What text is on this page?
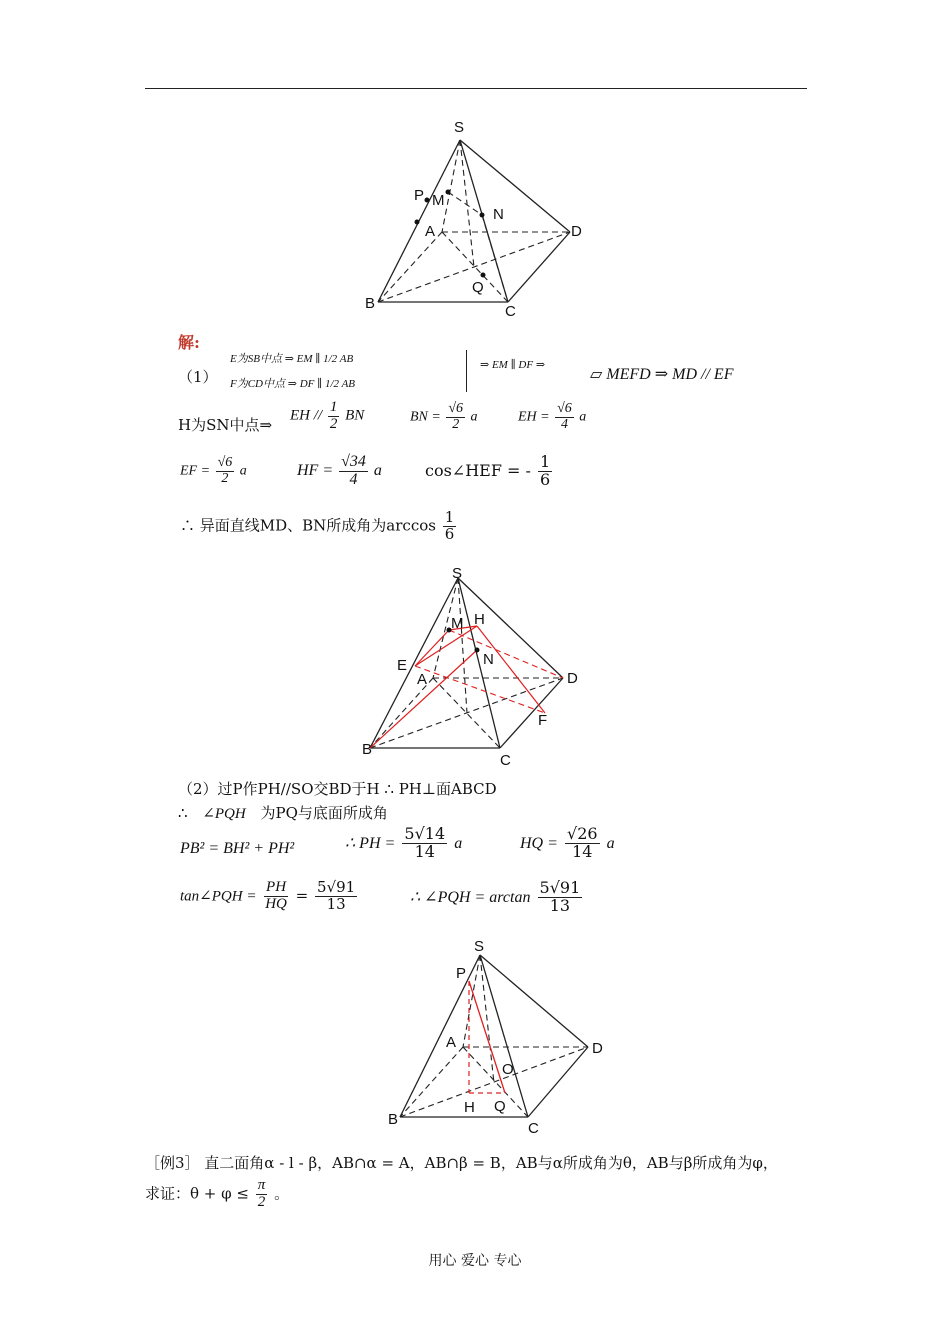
S
P M
N
A	D
Q
B	C
解:
（1）
E为SB中点 ⇒ EM ∥ 1/2 AB
F为CD中点 ⇒ DF ∥ 1/2 AB
⇒ EM ∥ DF ⇒
▱ MEFD ⇒ MD // EF
H为SN中点⇒
EH // $\frac{1}{2}$ BN	BN = $\frac{√6}{2}$ a	EH = $\frac{√6}{4}$ a
EF = $\frac{√6}{2}$ a	HF = $\frac{√34}{4}$ a	cos∠HEF = - $\frac{1}{6}$
∴ 异面直线MD、BN所成角为$\arccos \frac{1}{6}$
S
M H
E	N
A	D
F
B
C
（2）过P作PH//SO交BD于H ∴ PH⊥面ABCD
∴ ∠PQH 为PQ与底面所成角
PB² = BH² + PH²	∴ PH = $\frac{5√14}{14}$ a	HQ = $\frac{√26}{14}$ a
tan∠PQH = $\frac{PH}{HQ} = \frac{5√91}{13}$	∴ ∠PQH = $\arctan \frac{5√91}{13}$
S
P
A
O
D
H Q
B
C
［例3］ 直二面角α - l - β，AB∩α = A，AB∩β = B，AB与α所成角为θ，AB与β所成角为φ，
求证：$\theta + \varphi \le \frac{\pi}{2}$ 。
用心 爱心 专心
